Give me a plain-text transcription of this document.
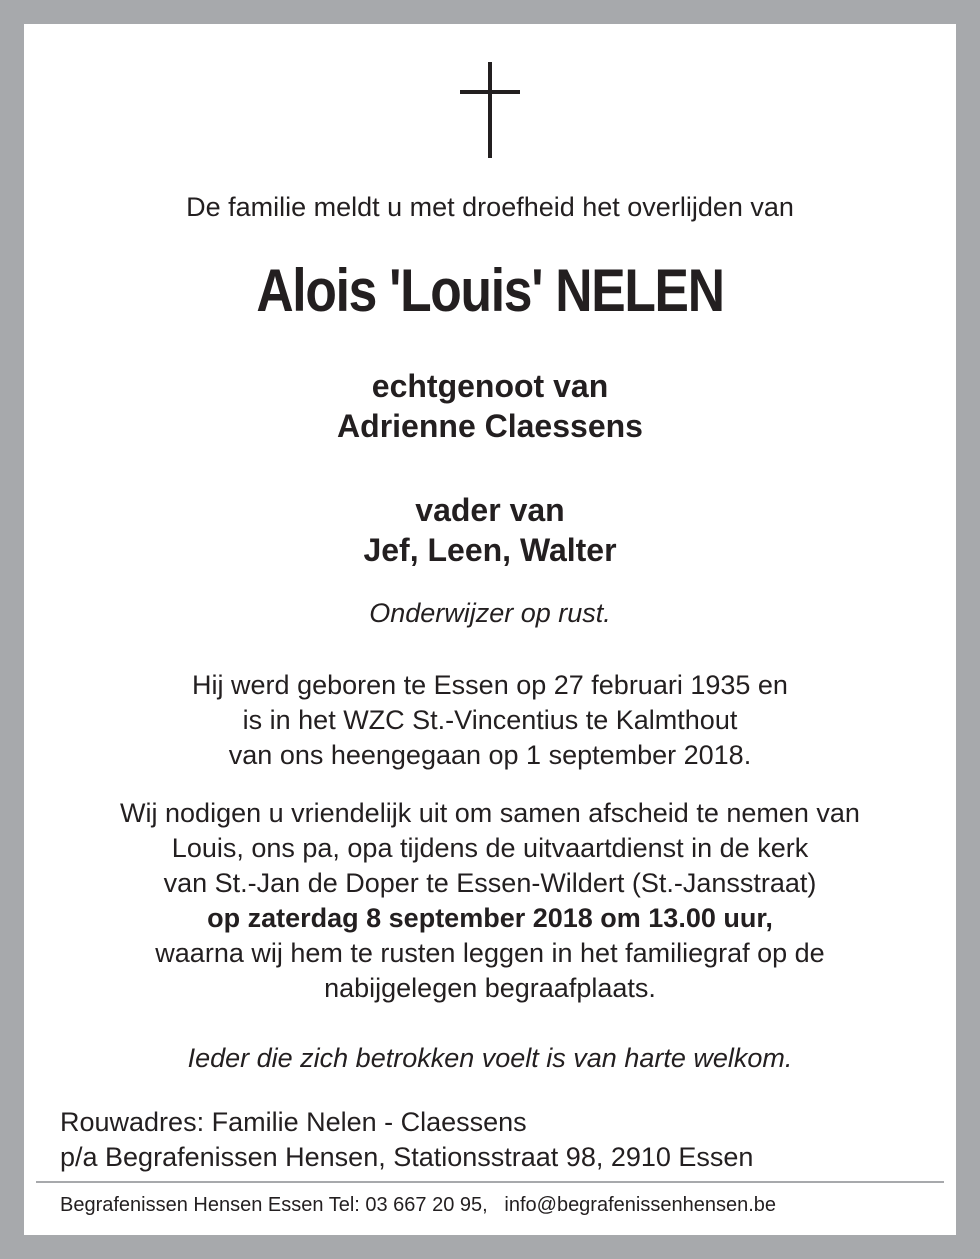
De familie meldt u met droefheid het overlijden van
Alois 'Louis' NELEN
echtgenoot van
Adrienne Claessens
vader van
Jef, Leen, Walter
Onderwijzer op rust.
Hij werd geboren te Essen op 27 februari 1935 en
is in het WZC St.-Vincentius te Kalmthout
van ons heengegaan op 1 september 2018.
Wij nodigen u vriendelijk uit om samen afscheid te nemen van
Louis, ons pa, opa tijdens de uitvaartdienst in de kerk
van St.-Jan de Doper te Essen-Wildert (St.-Jansstraat)
op zaterdag 8 september 2018 om 13.00 uur,
waarna wij hem te rusten leggen in het familiegraf op de
nabijgelegen begraafplaats.
Ieder die zich betrokken voelt is van harte welkom.
Rouwadres: Familie Nelen - Claessens
p/a Begrafenissen Hensen, Stationsstraat 98, 2910 Essen
Begrafenissen Hensen Essen Tel: 03 667 20 95, info@begrafenissenhensen.be
